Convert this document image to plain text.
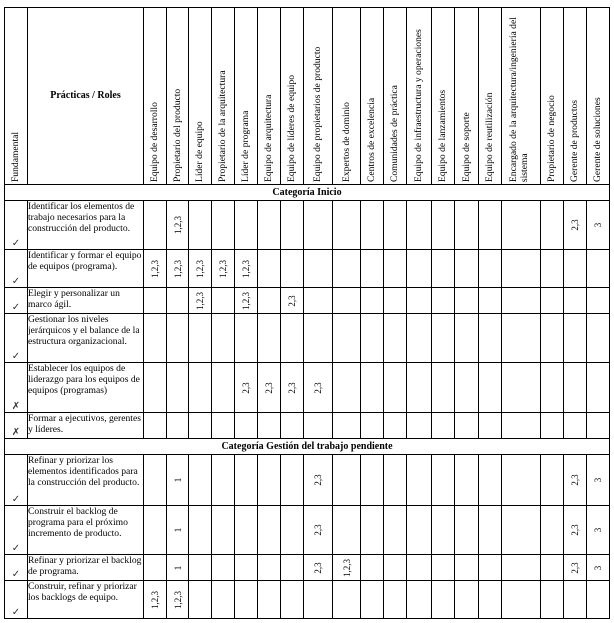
Fundamental	Prácticas / Roles	Equipo de desarrollo	Propietario del producto	Líder de equipo	Propietario de la arquitectura	Líder de programa	Equipo de arquitectura	Equipo de líderes de equipo	Equipo de propietarios de producto	Expertos de dominio	Centros de excelencia	Comunidades de práctica	Equipo de infraestructura y operaciones	Equipo de lanzamientos	Equipo de soporte	Equipo de reutilización	Encargado de la arquitectura/ingeniería del sistema	Propietario de negocio	Gerente de productos	Gerente de soluciones

Categoría Inicio																				
✓	Identificar los elementos de trabajo necesarios para la construcción del producto.		1,2,3																2,3	3

✓	Identificar y formar el equipo de equipos (programa).	1,2,3	1,2,3	1,2,3	1,2,3	1,2,3														

✓	Elegir y personalizar un marco ágil.			1,2,3		1,2,3		2,3												

✓	Gestionar los niveles jerárquicos y el balance de la estructura organizacional.	

✗	Establecer los equipos de liderazgo para los equipos de equipos (programas)					2,3	2,3	2,3	2,3											

✗	Formar a ejecutivos, gerentes y líderes.	

Categoría Gestión del trabajo pendiente																				
✓	Refinar y priorizar los elementos identificados para la construcción del producto.		1						2,3										2,3	3

✓	Construir el backlog de programa para el próximo incremento de producto.		1						2,3										2,3	3

✓	Refinar y priorizar el backlog de programa.		1						2,3	1,2,3									2,3	3

✓	Construir, refinar y priorizar los backlogs de equipo.	1,2,3	1,2,3																	
